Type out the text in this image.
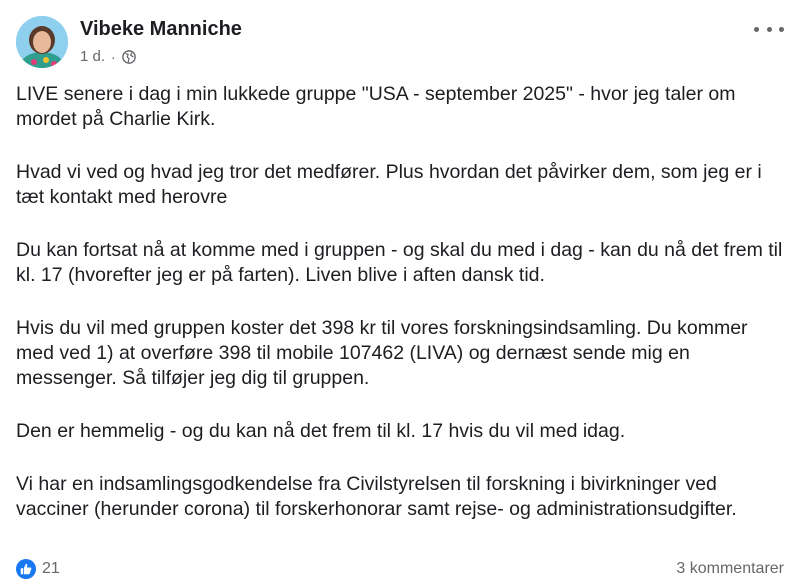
Vibeke Manniche
1 d. ·

LIVE senere i dag i min lukkede gruppe "USA - september 2025" - hvor jeg taler om mordet på Charlie Kirk.

Hvad vi ved og hvad jeg tror det medfører. Plus hvordan det påvirker dem, som jeg er i tæt kontakt med herovre

Du kan fortsat nå at komme med i gruppen - og skal du med i dag - kan du nå det frem til kl. 17 (hvorefter jeg er på farten). Liven blive i aften dansk tid.

Hvis du vil med gruppen koster det 398 kr til vores forskningsindsamling. Du kommer med ved 1) at overføre 398 til mobile 107462 (LIVA) og dernæst sende mig en messenger. Så tilføjer jeg dig til gruppen.

Den er hemmelig - og du kan nå det frem til kl. 17 hvis du vil med idag.

Vi har en indsamlingsgodkendelse fra Civilstyrelsen til forskning i bivirkninger ved vacciner (herunder corona) til forskerhonorar samt rejse- og administrationsudgifter.

21	3 kommentarer
